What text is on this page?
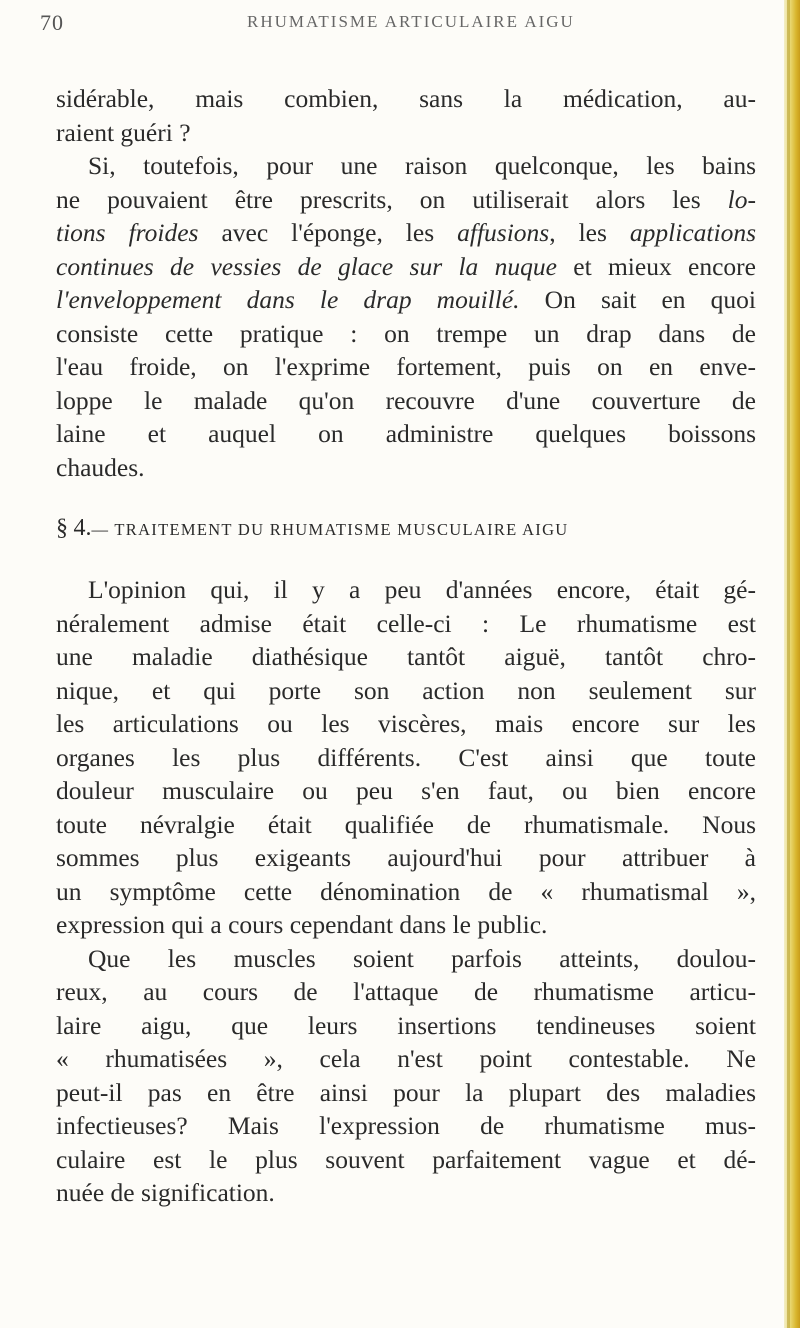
70	RHUMATISME ARTICULAIRE AIGU
sidérable, mais combien, sans la médication, au-
raient guéri ?
Si, toutefois, pour une raison quelconque, les bains
ne pouvaient être prescrits, on utiliserait alors les lo-
tions froides avec l'éponge, les affusions, les applications
continues de vessies de glace sur la nuque et mieux encore
l'enveloppement dans le drap mouillé. On sait en quoi
consiste cette pratique : on trempe un drap dans de
l'eau froide, on l'exprime fortement, puis on en enve-
loppe le malade qu'on recouvre d'une couverture de
laine et auquel on administre quelques boissons
chaudes.
§ 4.— TRAITEMENT DU RHUMATISME MUSCULAIRE AIGU
L'opinion qui, il y a peu d'années encore, était gé-
néralement admise était celle-ci : Le rhumatisme est
une maladie diathésique tantôt aiguë, tantôt chro-
nique, et qui porte son action non seulement sur
les articulations ou les viscères, mais encore sur les
organes les plus différents. C'est ainsi que toute
douleur musculaire ou peu s'en faut, ou bien encore
toute névralgie était qualifiée de rhumatismale. Nous
sommes plus exigeants aujourd'hui pour attribuer à
un symptôme cette dénomination de « rhumatismal »,
expression qui a cours cependant dans le public.
Que les muscles soient parfois atteints, doulou-
reux, au cours de l'attaque de rhumatisme articu-
laire aigu, que leurs insertions tendineuses soient
« rhumatisées », cela n'est point contestable. Ne
peut-il pas en être ainsi pour la plupart des maladies
infectieuses? Mais l'expression de rhumatisme mus-
culaire est le plus souvent parfaitement vague et dé-
nuée de signification.
